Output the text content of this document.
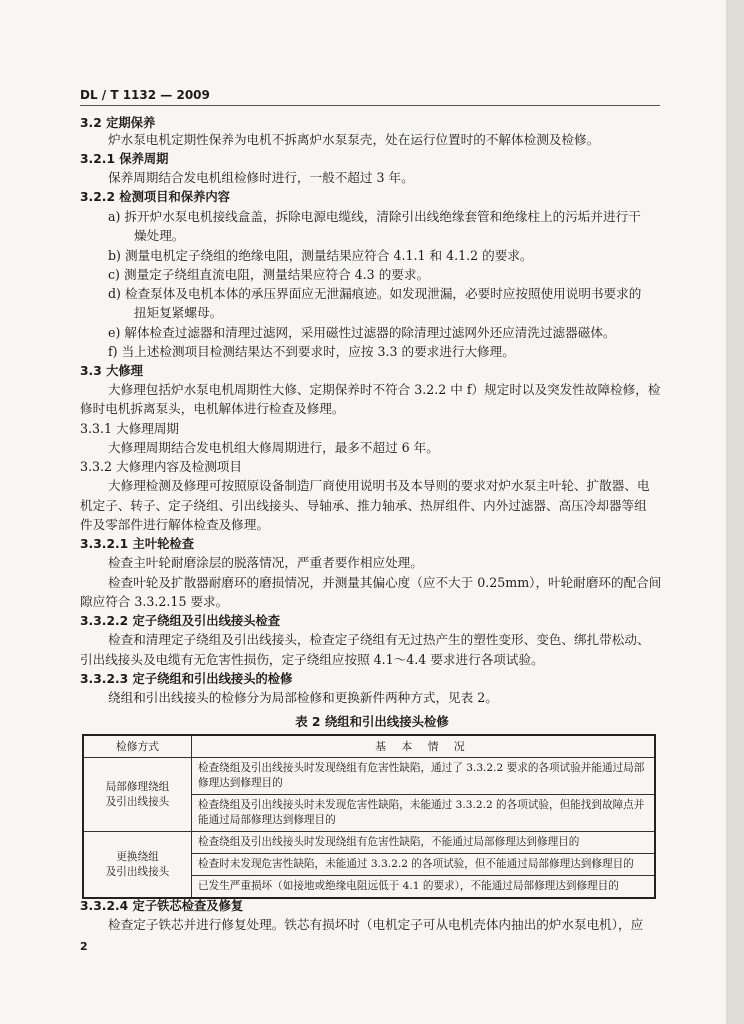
DL / T 1132 — 2009
3.2 定期保养
炉水泵电机定期性保养为电机不拆离炉水泵泵壳，处在运行位置时的不解体检测及检修。
3.2.1 保养周期
保养周期结合发电机组检修时进行，一般不超过 3 年。
3.2.2 检测项目和保养内容
a) 拆开炉水泵电机接线盒盖，拆除电源电缆线，清除引出线绝缘套管和绝缘柱上的污垢并进行干
燥处理。
b) 测量电机定子绕组的绝缘电阻，测量结果应符合 4.1.1 和 4.1.2 的要求。
c) 测量定子绕组直流电阻，测量结果应符合 4.3 的要求。
d) 检查泵体及电机本体的承压界面应无泄漏痕迹。如发现泄漏，必要时应按照使用说明书要求的
扭矩复紧螺母。
e) 解体检查过滤器和清理过滤网，采用磁性过滤器的除清理过滤网外还应清洗过滤器磁体。
f) 当上述检测项目检测结果达不到要求时，应按 3.3 的要求进行大修理。
3.3 大修理
大修理包括炉水泵电机周期性大修、定期保养时不符合 3.2.2 中 f）规定时以及突发性故障检修，检
修时电机拆离泵头，电机解体进行检查及修理。
3.3.1 大修理周期
大修理周期结合发电机组大修周期进行，最多不超过 6 年。
3.3.2 大修理内容及检测项目
大修理检测及修理可按照原设备制造厂商使用说明书及本导则的要求对炉水泵主叶轮、扩散器、电
机定子、转子、定子绕组、引出线接头、导轴承、推力轴承、热屏组件、内外过滤器、高压冷却器等组
件及零部件进行解体检查及修理。
3.3.2.1 主叶轮检查
检查主叶轮耐磨涂层的脱落情况，严重者要作相应处理。
检查叶轮及扩散器耐磨环的磨损情况，并测量其偏心度（应不大于 0.25mm），叶轮耐磨环的配合间
隙应符合 3.3.2.15 要求。
3.3.2.2 定子绕组及引出线接头检查
检查和清理定子绕组及引出线接头，检查定子绕组有无过热产生的塑性变形、变色、绑扎带松动、
引出线接头及电缆有无危害性损伤，定子绕组应按照 4.1～4.4 要求进行各项试验。
3.3.2.3 定子绕组和引出线接头的检修
绕组和引出线接头的检修分为局部检修和更换新件两种方式，见表 2。
3.3.2.4 定子铁芯检查及修复
检查定子铁芯并进行修复处理。铁芯有损坏时（电机定子可从电机壳体内抽出的炉水泵电机），应
表 2 绕组和引出线接头检修
检修方式	基 本 情 况
局部修理绕组
及引出线接头	检查绕组及引出线接头时发现绕组有危害性缺陷，通过了 3.3.2.2 要求的各项试验并能通过局部修理达到修理目的
	检查绕组及引出线接头时未发现危害性缺陷，未能通过 3.3.2.2 的各项试验，但能找到故障点并能通过局部修理达到修理目的
更换绕组
及引出线接头	检查绕组及引出线接头时发现绕组有危害性缺陷，不能通过局部修理达到修理目的
	检查时未发现危害性缺陷，未能通过 3.3.2.2 的各项试验，但不能通过局部修理达到修理目的
	已发生严重损坏（如接地或绝缘电阻远低于 4.1 的要求），不能通过局部修理达到修理目的
2
